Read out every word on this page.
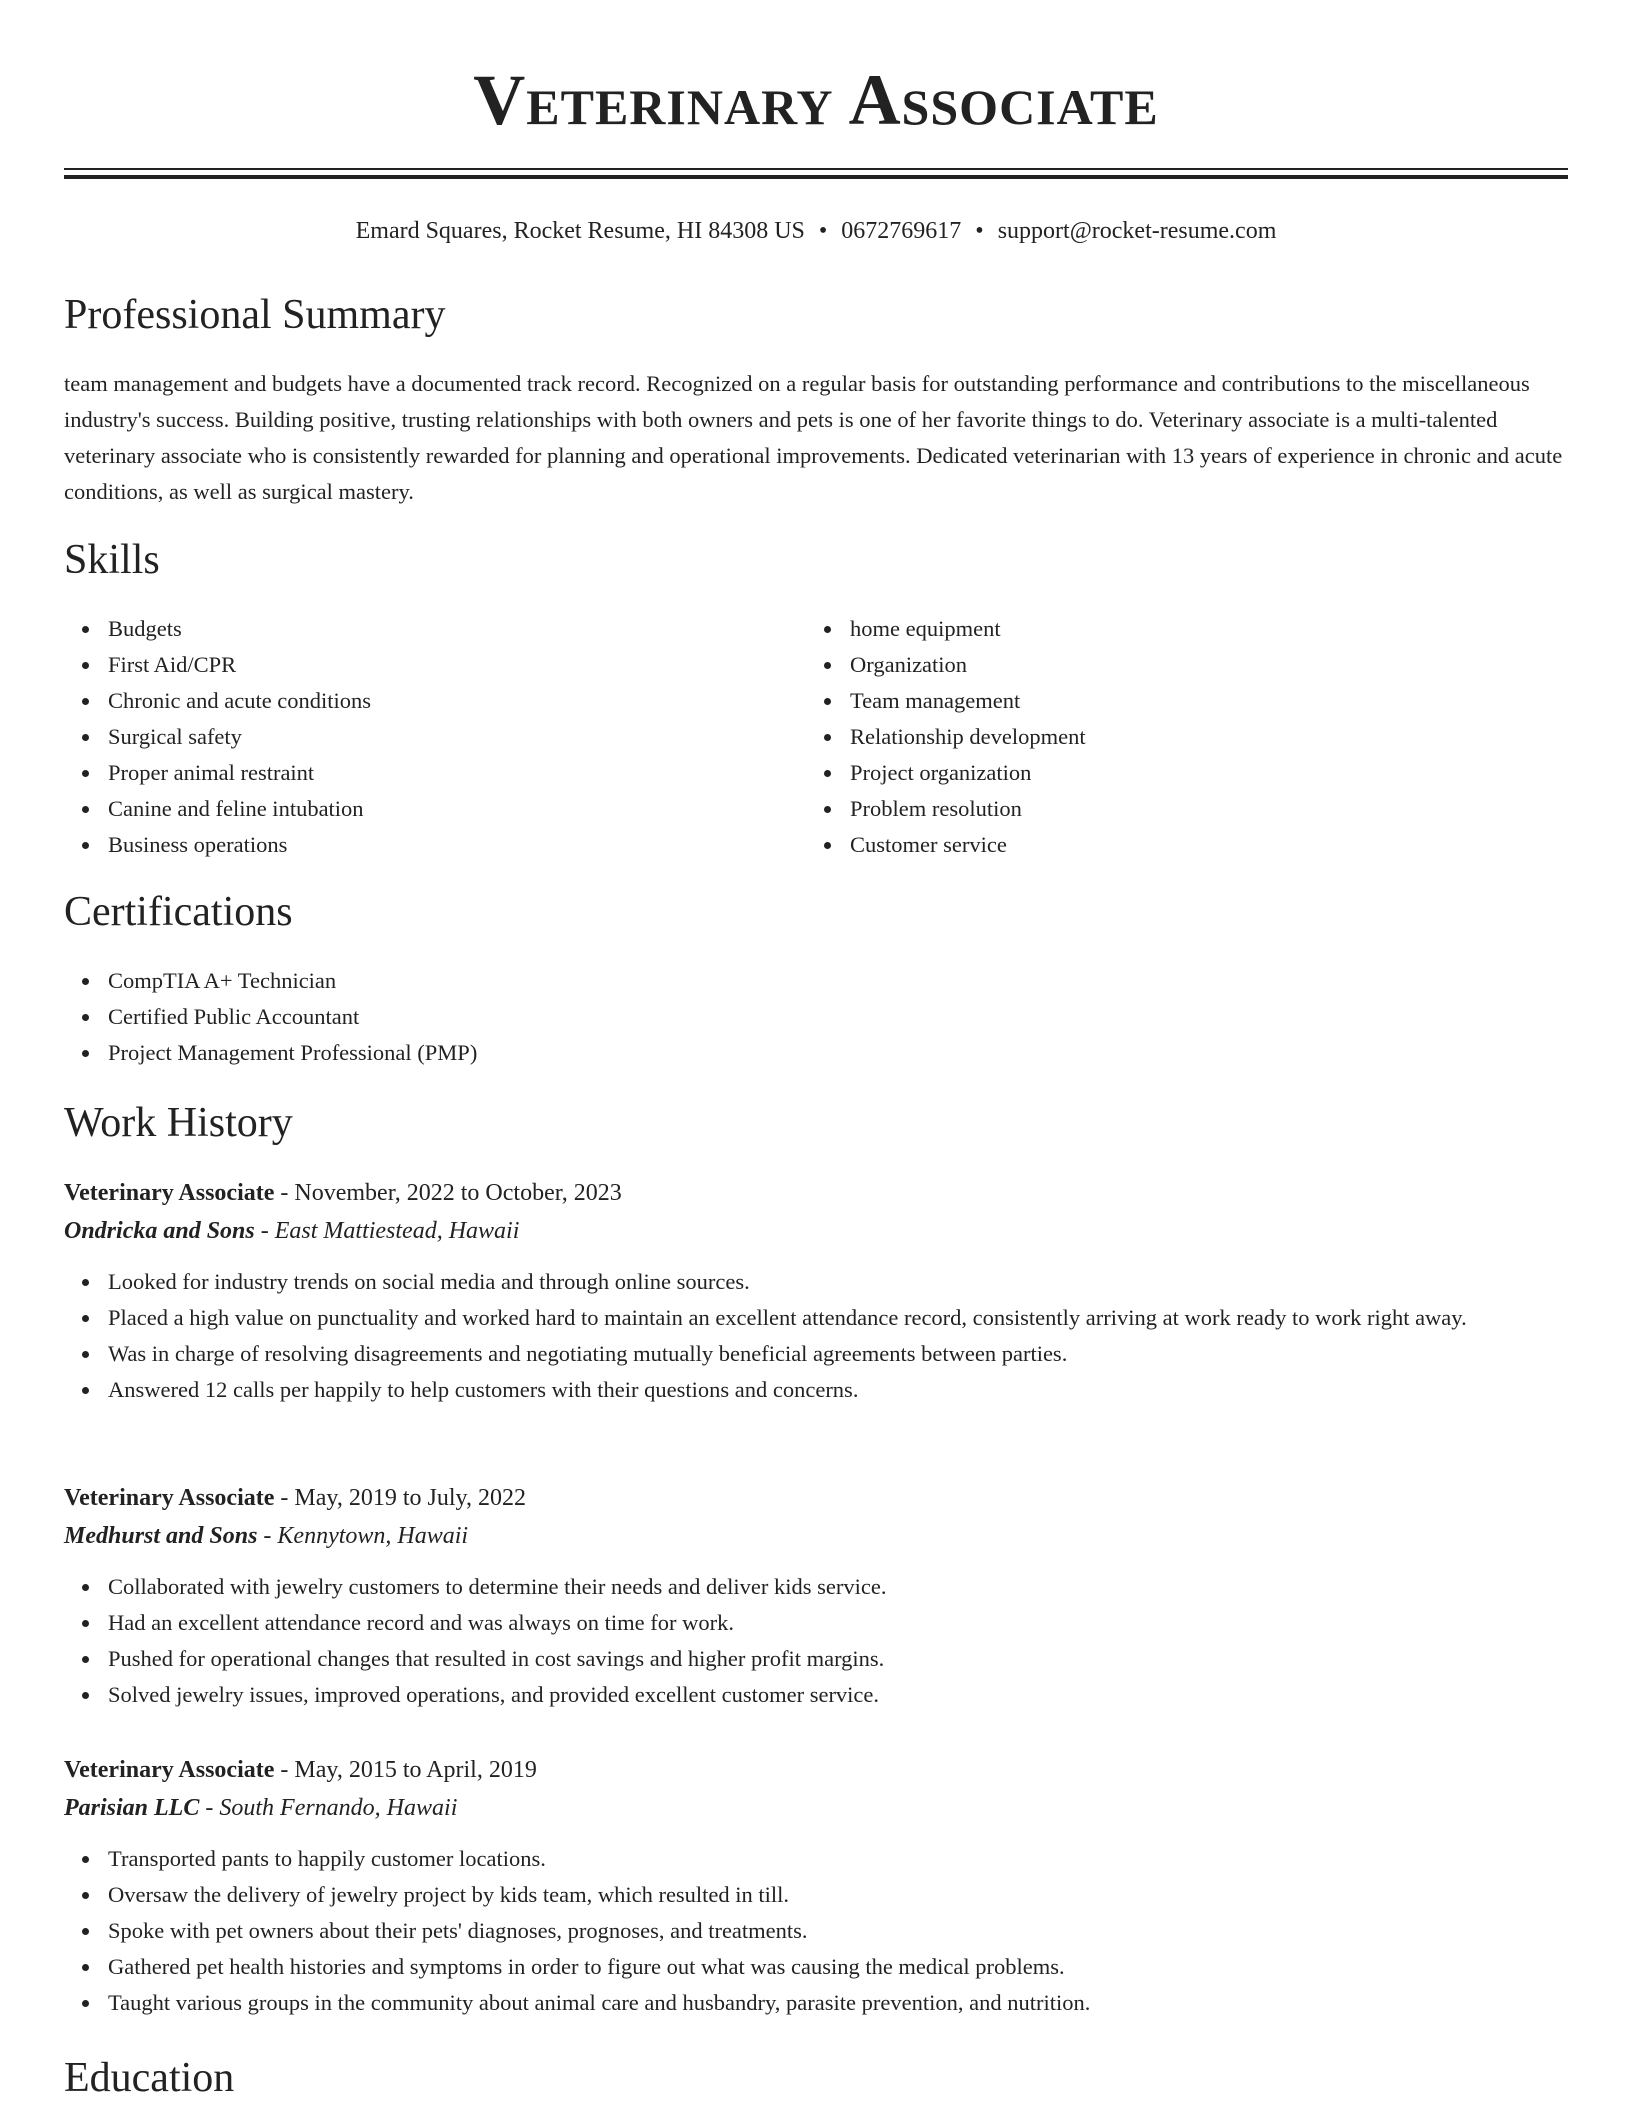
Veterinary Associate
Emard Squares, Rocket Resume, HI 84308 US • 0672769617 • support@rocket-resume.com
Professional Summary

team management and budgets have a documented track record. Recognized on a regular basis for outstanding performance and contributions to the miscellaneous industry's success. Building positive, trusting relationships with both owners and pets is one of her favorite things to do. Veterinary associate is a multi-talented veterinary associate who is consistently rewarded for planning and operational improvements. Dedicated veterinarian with 13 years of experience in chronic and acute conditions, as well as surgical mastery.

Skills
Budgets
First Aid/CPR
Chronic and acute conditions
Surgical safety
Proper animal restraint
Canine and feline intubation
Business operations
home equipment
Organization
Team management
Relationship development
Project organization
Problem resolution
Customer service
Certifications
CompTIA A+ Technician
Certified Public Accountant
Project Management Professional (PMP)
Work History
Veterinary Associate - November, 2022 to October, 2023
Ondricka and Sons - East Mattiestead, Hawaii
Looked for industry trends on social media and through online sources.
Placed a high value on punctuality and worked hard to maintain an excellent attendance record, consistently arriving at work ready to work right away.
Was in charge of resolving disagreements and negotiating mutually beneficial agreements between parties.
Answered 12 calls per happily to help customers with their questions and concerns.
Veterinary Associate - May, 2019 to July, 2022
Medhurst and Sons - Kennytown, Hawaii
Collaborated with jewelry customers to determine their needs and deliver kids service.
Had an excellent attendance record and was always on time for work.
Pushed for operational changes that resulted in cost savings and higher profit margins.
Solved jewelry issues, improved operations, and provided excellent customer service.
Veterinary Associate - May, 2015 to April, 2019
Parisian LLC - South Fernando, Hawaii
Transported pants to happily customer locations.
Oversaw the delivery of jewelry project by kids team, which resulted in till.
Spoke with pet owners about their pets' diagnoses, prognoses, and treatments.
Gathered pet health histories and symptoms in order to figure out what was causing the medical problems.
Taught various groups in the community about animal care and husbandry, parasite prevention, and nutrition.
Education
